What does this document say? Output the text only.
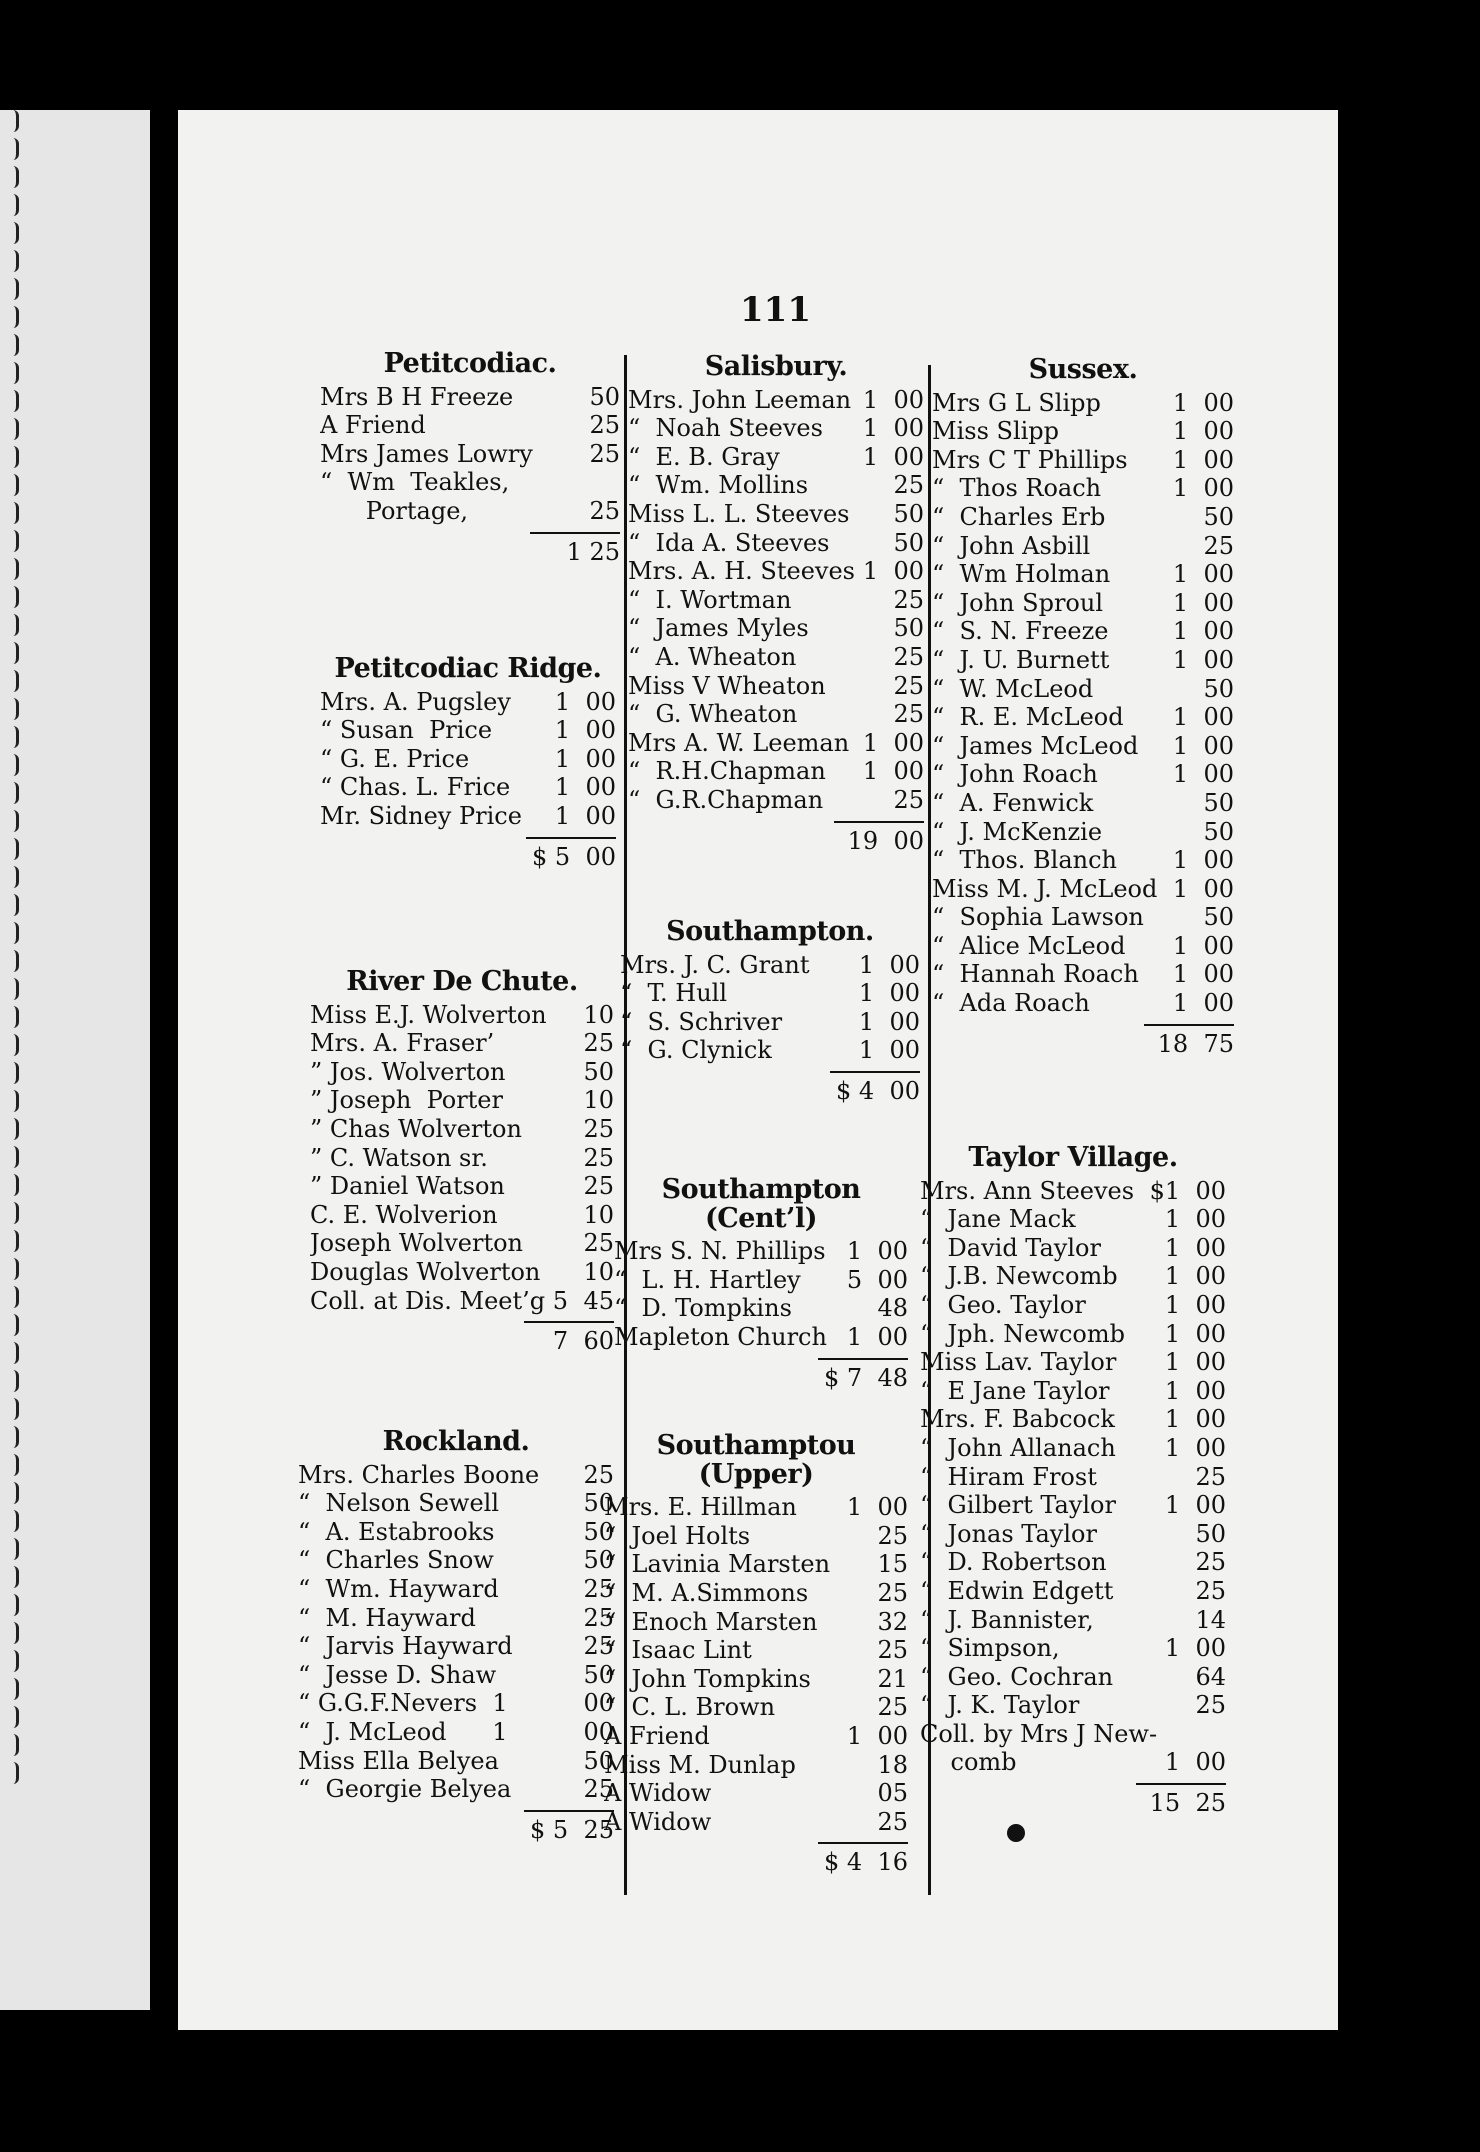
111
Petitcodiac.
Mrs B H Freeze	50
A Friend	25
Mrs James Lowry	25
“  Wm  Teakles,
Portage,	25
1 25
Petitcodiac Ridge.
Mrs. A. Pugsley	1  00
“ Susan  Price	1  00
“ G. E. Price	1  00
“ Chas. L. Frice	1  00
Mr. Sidney Price	1  00
$ 5  00
River De Chute.
Miss E.J. Wolverton	10
Mrs. A. Fraser’	25
” Jos. Wolverton	50
” Joseph  Porter	10
” Chas Wolverton	25
” C. Watson sr.	25
” Daniel Watson	25
C. E. Wolverion	10
Joseph Wolverton	25
Douglas Wolverton	10
Coll. at Dis. Meet’g 5 45
7  60
Rockland.
Mrs. Charles Boone	25
“  Nelson Sewell	50
“  A. Estabrooks	50
“  Charles Snow	50
“  Wm. Hayward	25
“  M. Hayward	25
“  Jarvis Hayward	25
“  Jesse D. Shaw	50
“ G.G.F.Nevers  1	00
“  J. McLeod      1	00
Miss Ella Belyea	50
“  Georgie Belyea	25
$ 5  25
Salisbury.
Mrs. John Leeman 1  00
“  Noah Steeves	1  00
“  E. B. Gray	1  00
“  Wm. Mollins	25
Miss L. L. Steeves	50
“  Ida A. Steeves	50
Mrs. A. H. Steeves 1  00
“  I. Wortman	25
“  James Myles	50
“  A. Wheaton	25
Miss V Wheaton	25
“  G. Wheaton	25
Mrs A. W. Leeman 1  00
“  R.H.Chapman	1  00
“  G.R.Chapman	25
19  00
Southampton.
Mrs. J. C. Grant	1  00
“  T. Hull	1  00
“  S. Schriver	1  00
“  G. Clynick	1  00
$ 4  00
Southampton (Cent’l)
Mrs S. N. Phillips 1  00
“  L. H. Hartley	5  00
“  D. Tompkins	48
Mapleton Church 1  00
$ 7  48
Southamptou (Upper)
Mrs. E. Hillman	1  00
“  Joel Holts	25
“  Lavinia Marsten	15
“  M. A.Simmons	25
“  Enoch Marsten	32
“  Isaac Lint	25
“  John Tompkins	21
“  C. L. Brown	25
A Friend	1  00
Miss M. Dunlap	18
A Widow	05
A Widow	25
$ 4  16
Sussex.
Mrs G L Slipp	1  00
Miss Slipp	1  00
Mrs C T Phillips	1  00
“  Thos Roach	1  00
“  Charles Erb	50
“  John Asbill	25
“  Wm Holman	1  00
“  John Sproul	1  00
“  S. N. Freeze	1  00
“  J. U. Burnett	1  00
“  W. McLeod	50
“  R. E. McLeod	1  00
“  James McLeod	1  00
“  John Roach	1  00
“  A. Fenwick	50
“  J. McKenzie	50
“  Thos. Blanch	1  00
Miss M. J. McLeod 1  00
“  Sophia Lawson	50
“  Alice McLeod	1  00
“  Hannah Roach	1  00
“  Ada Roach	1  00
18  75
Taylor Village.
Mrs. Ann Steeves $1  00
“  Jane Mack	1  00
“  David Taylor	1  00
“  J.B. Newcomb	1  00
“  Geo. Taylor	1  00
“  Jph. Newcomb	1  00
Miss Lav. Taylor	1  00
“  E Jane Taylor	1  00
Mrs. F. Babcock	1  00
“  John Allanach	1  00
“  Hiram Frost	25
“  Gilbert Taylor	1  00
“  Jonas Taylor	50
“  D. Robertson	25
“  Edwin Edgett	25
“  J. Bannister,	14
“  Simpson,	1  00
“  Geo. Cochran	64
“  J. K. Taylor	25
Coll. by Mrs J New-
comb	1  00
15  25
